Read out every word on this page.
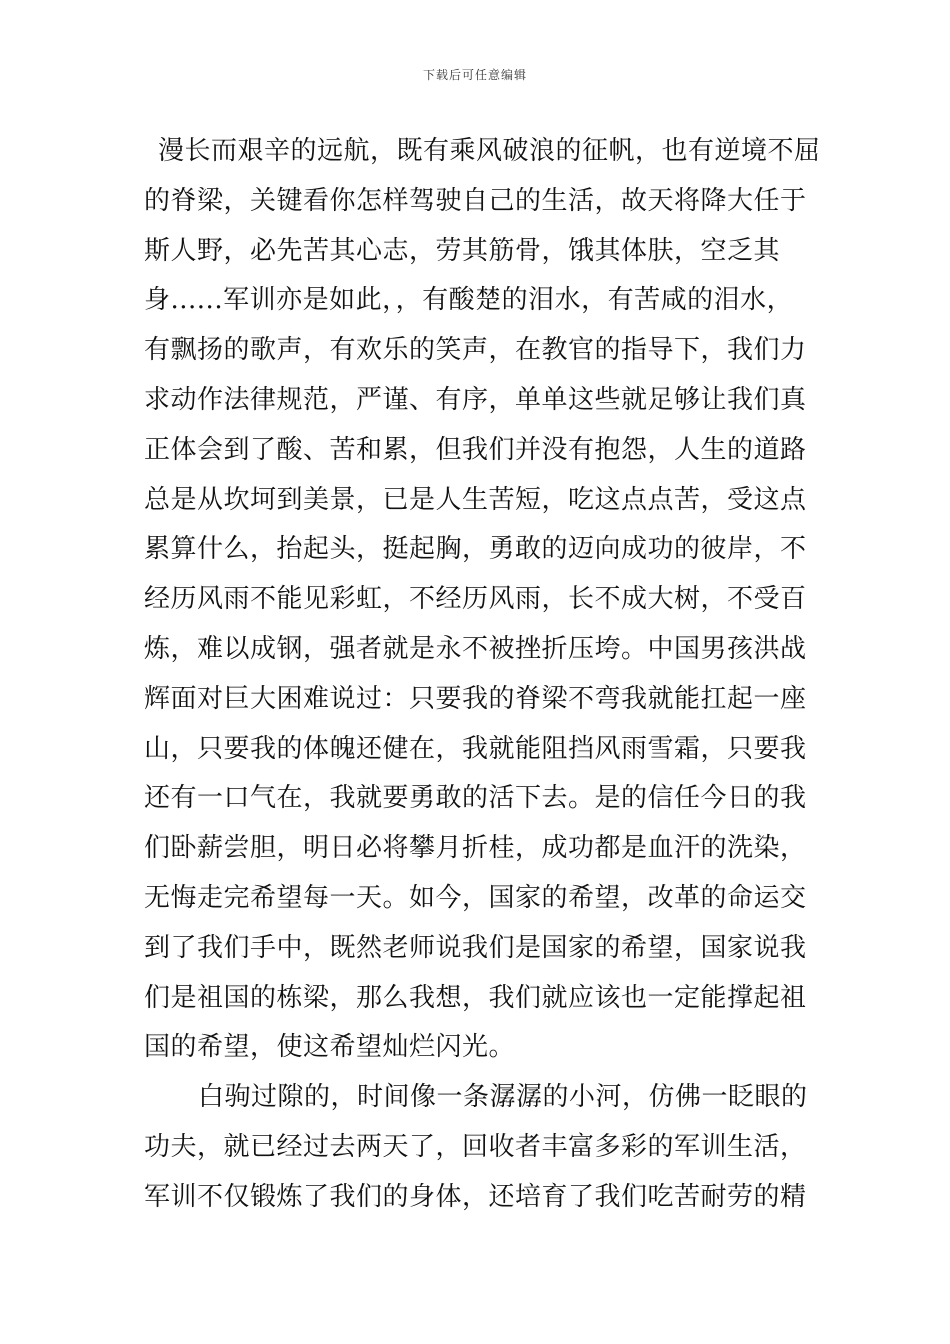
下载后可任意编辑
漫长而艰辛的远航，既有乘风破浪的征帆，也有逆境不屈
的脊梁，关键看你怎样驾驶自己的生活，故天将降大任于
斯人野，必先苦其心志，劳其筋骨，饿其体肤，空乏其
身......军训亦是如此，，有酸楚的泪水，有苦咸的泪水，
有飘扬的歌声，有欢乐的笑声，在教官的指导下，我们力
求动作法律规范，严谨、有序，单单这些就足够让我们真
正体会到了酸、苦和累，但我们并没有抱怨，人生的道路
总是从坎坷到美景，已是人生苦短，吃这点点苦，受这点
累算什么，抬起头，挺起胸，勇敢的迈向成功的彼岸，不
经历风雨不能见彩虹，不经历风雨，长不成大树，不受百
炼，难以成钢，强者就是永不被挫折压垮。中国男孩洪战
辉面对巨大困难说过：只要我的脊梁不弯我就能扛起一座
山，只要我的体魄还健在，我就能阻挡风雨雪霜，只要我
还有一口气在，我就要勇敢的活下去。是的信任今日的我
们卧薪尝胆，明日必将攀月折桂，成功都是血汗的洗染，
无悔走完希望每一天。如今，国家的希望，改革的命运交
到了我们手中，既然老师说我们是国家的希望，国家说我
们是祖国的栋梁，那么我想，我们就应该也一定能撑起祖
国的希望，使这希望灿烂闪光。
白驹过隙的，时间像一条潺潺的小河，仿佛一眨眼的
功夫，就已经过去两天了，回收者丰富多彩的军训生活，
军训不仅锻炼了我们的身体，还培育了我们吃苦耐劳的精
